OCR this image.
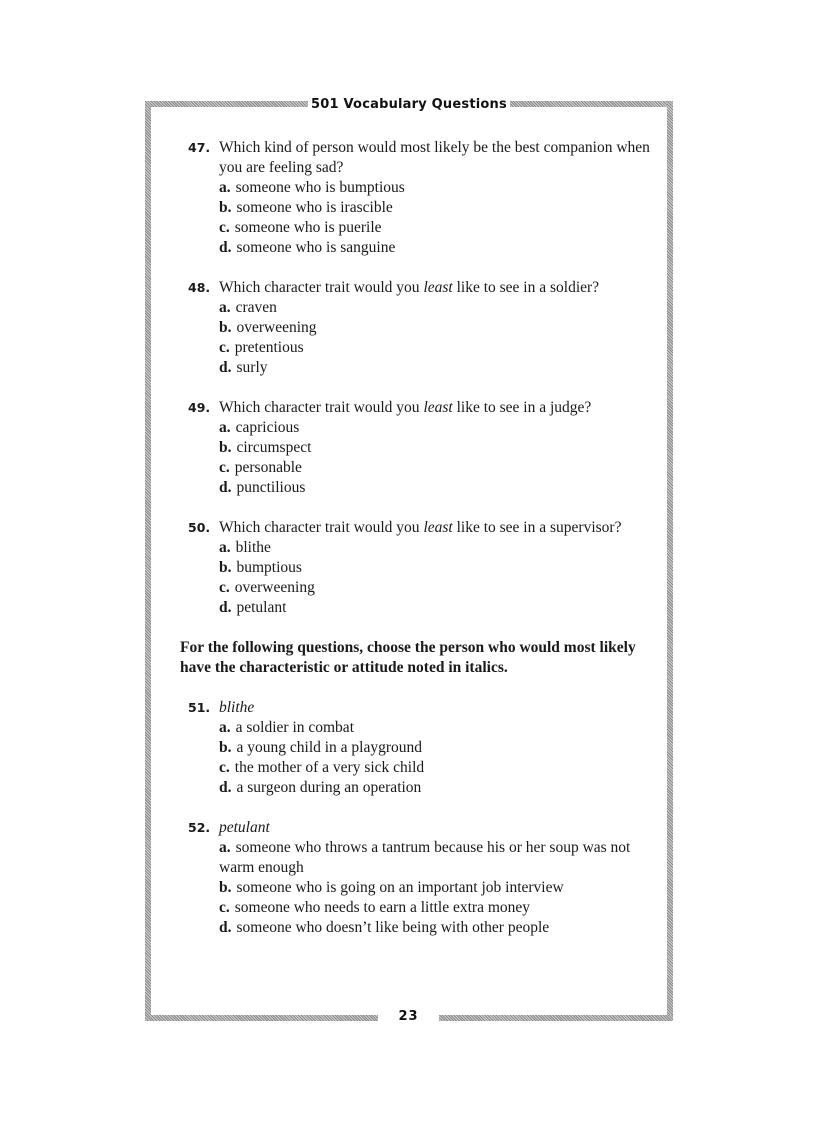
501 Vocabulary Questions
47. Which kind of person would most likely be the best companion when you are feeling sad?
a. someone who is bumptious
b. someone who is irascible
c. someone who is puerile
d. someone who is sanguine
48. Which character trait would you least like to see in a soldier?
a. craven
b. overweening
c. pretentious
d. surly
49. Which character trait would you least like to see in a judge?
a. capricious
b. circumspect
c. personable
d. punctilious
50. Which character trait would you least like to see in a supervisor?
a. blithe
b. bumptious
c. overweening
d. petulant

For the following questions, choose the person who would most likely have the characteristic or attitude noted in italics.

51. blithe
a. a soldier in combat
b. a young child in a playground
c. the mother of a very sick child
d. a surgeon during an operation
52. petulant
a. someone who throws a tantrum because his or her soup was not warm enough
b. someone who is going on an important job interview
c. someone who needs to earn a little extra money
d. someone who doesn’t like being with other people
23
